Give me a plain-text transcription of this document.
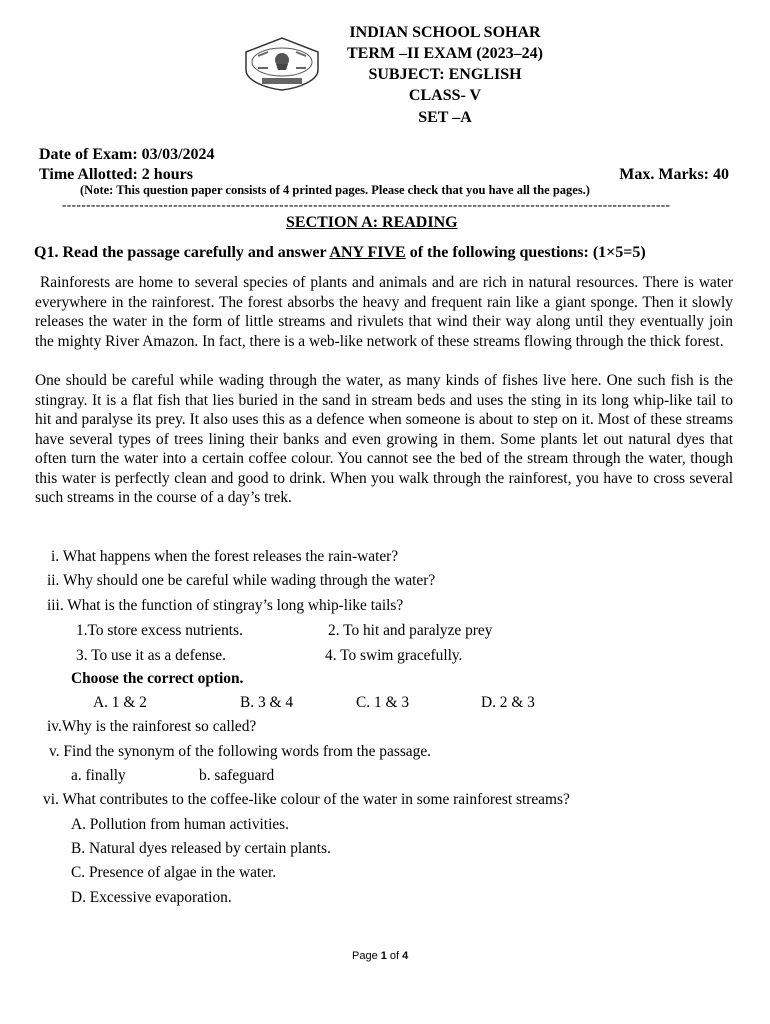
INDIAN SCHOOL SOHAR
TERM –II EXAM (2023–24)
SUBJECT: ENGLISH
CLASS- V
SET –A
Date of Exam: 03/03/2024
Time Allotted: 2 hours	Max. Marks: 40
(Note: This question paper consists of 4 printed pages. Please check that you have all the pages.)
------------------------------------------------------------------------------------------------------------------------------
SECTION A: READING
Q1. Read the passage carefully and answer ANY FIVE of the following questions: (1×5=5)
Rainforests are home to several species of plants and animals and are rich in natural resources. There is water everywhere in the rainforest. The forest absorbs the heavy and frequent rain like a giant sponge. Then it slowly releases the water in the form of little streams and rivulets that wind their way along until they eventually join the mighty River Amazon. In fact, there is a web-like network of these streams flowing through the thick forest.
One should be careful while wading through the water, as many kinds of fishes live here. One such fish is the stingray. It is a flat fish that lies buried in the sand in stream beds and uses the sting in its long whip-like tail to hit and paralyse its prey. It also uses this as a defence when someone is about to step on it. Most of these streams have several types of trees lining their banks and even growing in them. Some plants let out natural dyes that often turn the water into a certain coffee colour. You cannot see the bed of the stream through the water, though this water is perfectly clean and good to drink. When you walk through the rainforest, you have to cross several such streams in the course of a day’s trek.
i. What happens when the forest releases the rain-water?
ii. Why should one be careful while wading through the water?
iii. What is the function of stingray’s long whip-like tails?
1.To store excess nutrients.	2. To hit and paralyze prey
3. To use it as a defense.	4. To swim gracefully.
Choose the correct option.
A. 1 & 2	B. 3 & 4	C. 1 & 3	D. 2 & 3
iv.Why is the rainforest so called?
v. Find the synonym of the following words from the passage.
a. finally	b. safeguard
vi. What contributes to the coffee-like colour of the water in some rainforest streams?
A. Pollution from human activities.
B. Natural dyes released by certain plants.
C. Presence of algae in the water.
D. Excessive evaporation.
Page 1 of 4
